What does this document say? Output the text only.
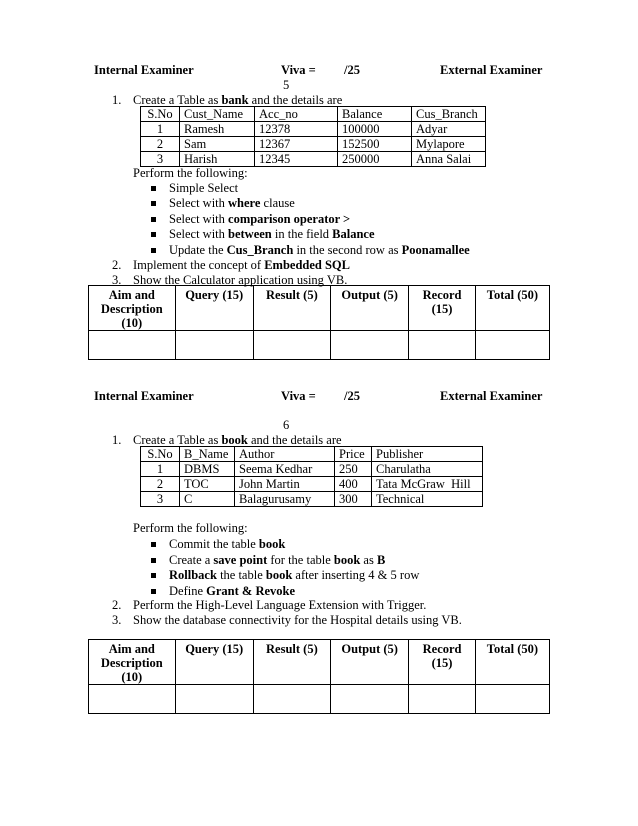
Internal Examiner	Viva = /25	External Examiner
5
1. Create a Table as bank and the details are
S.No	Cust_Name	Acc_no	Balance	Cus_Branch
1	Ramesh	12378	100000	Adyar
2	Sam	12367	152500	Mylapore
3	Harish	12345	250000	Anna Salai
Perform the following:
Simple Select
Select with where clause
Select with comparison operator >
Select with between in the field Balance
Update the Cus_Branch in the second row as Poonamallee
2. Implement the concept of Embedded SQL
3. Show the Calculator application using VB.
Aim and Description (10)	Query (15)	Result (5)	Output (5)	Record (15)	Total (50)

Internal Examiner	Viva = /25	External Examiner
6
1. Create a Table as book and the details are
S.No	B_Name	Author	Price	Publisher
1	DBMS	Seema Kedhar	250	Charulatha
2	TOC	John Martin	400	Tata McGraw  Hill
3	C	Balagurusamy	300	Technical
Perform the following:
Commit the table book
Create a save point for the table book as B
Rollback the table book after inserting 4 & 5 row
Define Grant & Revoke
2. Perform the High-Level Language Extension with Trigger.
3. Show the database connectivity for the Hospital details using VB.
Aim and Description (10)	Query (15)	Result (5)	Output (5)	Record (15)	Total (50)
